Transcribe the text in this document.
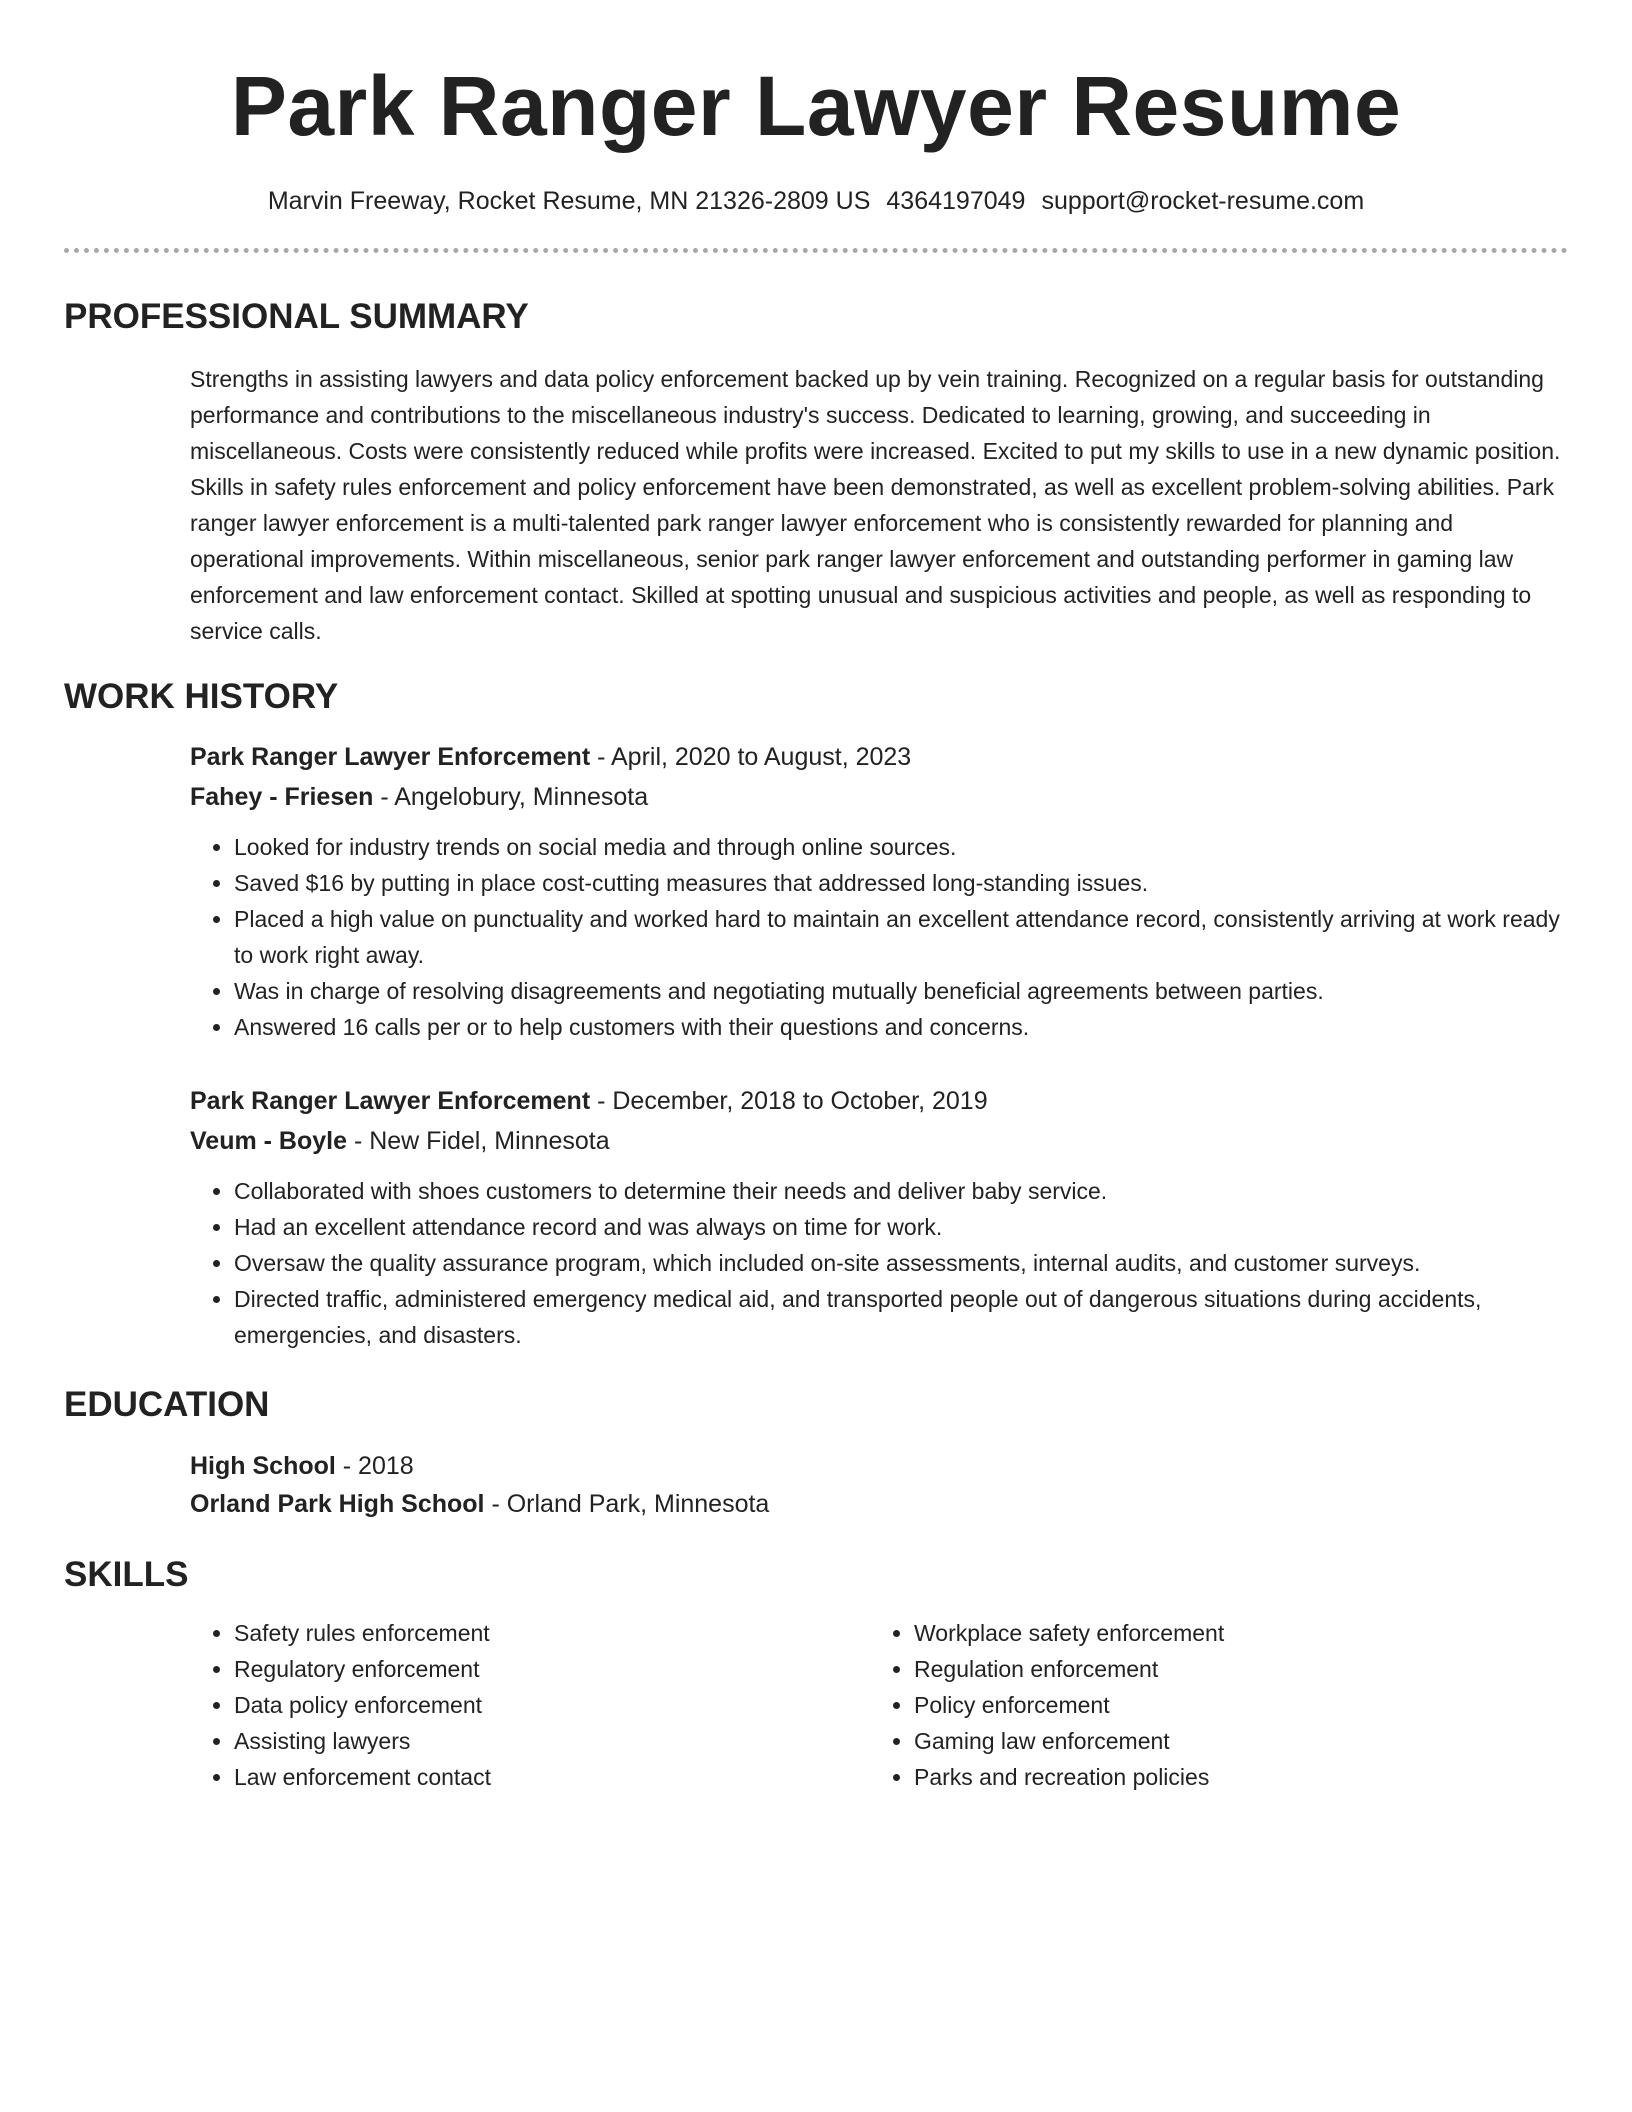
Park Ranger Lawyer Resume
Marvin Freeway, Rocket Resume, MN 21326-2809 US 4364197049 support@rocket-resume.com
PROFESSIONAL SUMMARY
Strengths in assisting lawyers and data policy enforcement backed up by vein training. Recognized on a regular basis for outstanding performance and contributions to the miscellaneous industry's success. Dedicated to learning, growing, and succeeding in miscellaneous. Costs were consistently reduced while profits were increased. Excited to put my skills to use in a new dynamic position. Skills in safety rules enforcement and policy enforcement have been demonstrated, as well as excellent problem-solving abilities. Park ranger lawyer enforcement is a multi-talented park ranger lawyer enforcement who is consistently rewarded for planning and operational improvements. Within miscellaneous, senior park ranger lawyer enforcement and outstanding performer in gaming law enforcement and law enforcement contact. Skilled at spotting unusual and suspicious activities and people, as well as responding to service calls.
WORK HISTORY
Park Ranger Lawyer Enforcement - April, 2020 to August, 2023
Fahey - Friesen - Angelobury, Minnesota
• Looked for industry trends on social media and through online sources.
• Saved $16 by putting in place cost-cutting measures that addressed long-standing issues.
• Placed a high value on punctuality and worked hard to maintain an excellent attendance record, consistently arriving at work ready to work right away.
• Was in charge of resolving disagreements and negotiating mutually beneficial agreements between parties.
• Answered 16 calls per or to help customers with their questions and concerns.
Park Ranger Lawyer Enforcement - December, 2018 to October, 2019
Veum - Boyle - New Fidel, Minnesota
• Collaborated with shoes customers to determine their needs and deliver baby service.
• Had an excellent attendance record and was always on time for work.
• Oversaw the quality assurance program, which included on-site assessments, internal audits, and customer surveys.
• Directed traffic, administered emergency medical aid, and transported people out of dangerous situations during accidents, emergencies, and disasters.
EDUCATION
High School - 2018
Orland Park High School - Orland Park, Minnesota
SKILLS
• Safety rules enforcement
• Regulatory enforcement
• Data policy enforcement
• Assisting lawyers
• Law enforcement contact
• Workplace safety enforcement
• Regulation enforcement
• Policy enforcement
• Gaming law enforcement
• Parks and recreation policies
